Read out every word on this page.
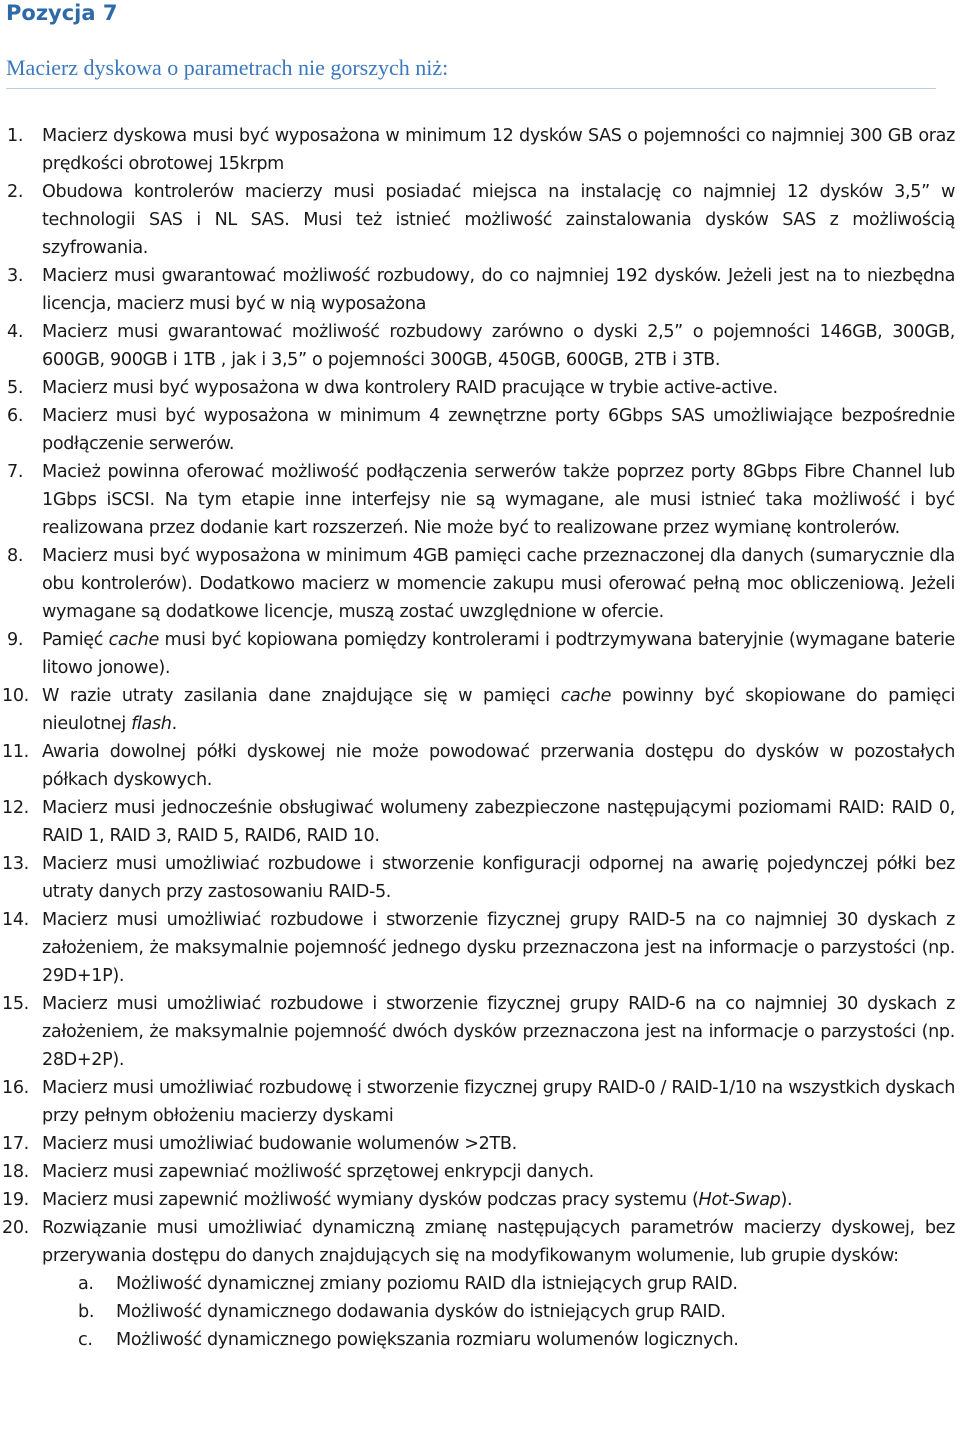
Pozycja 7
Macierz dyskowa o parametrach nie gorszych niż:
1. Macierz dyskowa musi być wyposażona w minimum 12 dysków SAS o pojemności co najmniej 300 GB oraz prędkości obrotowej 15krpm
2. Obudowa kontrolerów macierzy musi posiadać miejsca na instalację co najmniej 12 dysków 3,5” w technologii SAS i NL SAS. Musi też istnieć możliwość zainstalowania dysków SAS z możliwością szyfrowania.
3. Macierz musi gwarantować możliwość rozbudowy, do co najmniej 192 dysków. Jeżeli jest na to niezbędna licencja, macierz musi być w nią wyposażona
4. Macierz musi gwarantować możliwość rozbudowy zarówno o dyski 2,5” o pojemności 146GB, 300GB, 600GB, 900GB i 1TB , jak i 3,5” o pojemności 300GB, 450GB, 600GB, 2TB i 3TB.
5. Macierz musi być wyposażona w dwa kontrolery RAID pracujące w trybie active-active.
6. Macierz musi być wyposażona w minimum 4 zewnętrzne porty 6Gbps SAS umożliwiające bezpośrednie podłączenie serwerów.
7. Macież powinna oferować możliwość podłączenia serwerów także poprzez porty 8Gbps Fibre Channel lub 1Gbps iSCSI. Na tym etapie inne interfejsy nie są wymagane, ale musi istnieć taka możliwość i być realizowana przez dodanie kart rozszerzeń. Nie może być to realizowane przez wymianę kontrolerów.
8. Macierz musi być wyposażona w minimum 4GB pamięci cache przeznaczonej dla danych (sumarycznie dla obu kontrolerów). Dodatkowo macierz w momencie zakupu musi oferować pełną moc obliczeniową. Jeżeli wymagane są dodatkowe licencje, muszą zostać uwzględnione w ofercie.
9. Pamięć cache musi być kopiowana pomiędzy kontrolerami i podtrzymywana bateryjnie (wymagane baterie litowo jonowe).
10. W razie utraty zasilania dane znajdujące się w pamięci cache powinny być skopiowane do pamięci nieulotnej flash.
11. Awaria dowolnej półki dyskowej nie może powodować przerwania dostępu do dysków w pozostałych półkach dyskowych.
12. Macierz musi jednocześnie obsługiwać wolumeny zabezpieczone następującymi poziomami RAID: RAID 0, RAID 1, RAID 3, RAID 5, RAID6, RAID 10.
13. Macierz musi umożliwiać rozbudowe i stworzenie konfiguracji odpornej na awarię pojedynczej półki bez utraty danych przy zastosowaniu RAID-5.
14. Macierz musi umożliwiać rozbudowe i stworzenie fizycznej grupy RAID-5 na co najmniej 30 dyskach z założeniem, że maksymalnie pojemność jednego dysku przeznaczona jest na informacje o parzystości (np. 29D+1P).
15. Macierz musi umożliwiać rozbudowe i stworzenie fizycznej grupy RAID-6 na co najmniej 30 dyskach z założeniem, że maksymalnie pojemność dwóch dysków przeznaczona jest na informacje o parzystości (np. 28D+2P).
16. Macierz musi umożliwiać rozbudowę i stworzenie fizycznej grupy RAID-0 / RAID-1/10 na wszystkich dyskach przy pełnym obłożeniu macierzy dyskami
17. Macierz musi umożliwiać budowanie wolumenów >2TB.
18. Macierz musi zapewniać możliwość sprzętowej enkrypcji danych.
19. Macierz musi zapewnić możliwość wymiany dysków podczas pracy systemu (Hot-Swap).
20. Rozwiązanie musi umożliwiać dynamiczną zmianę następujących parametrów macierzy dyskowej, bez przerywania dostępu do danych znajdujących się na modyfikowanym wolumenie, lub grupie dysków:
a.	Możliwość dynamicznej zmiany poziomu RAID dla istniejących grup RAID.
b.	Możliwość dynamicznego dodawania dysków do istniejących grup RAID.
c.	Możliwość dynamicznego powiększania rozmiaru wolumenów logicznych.
